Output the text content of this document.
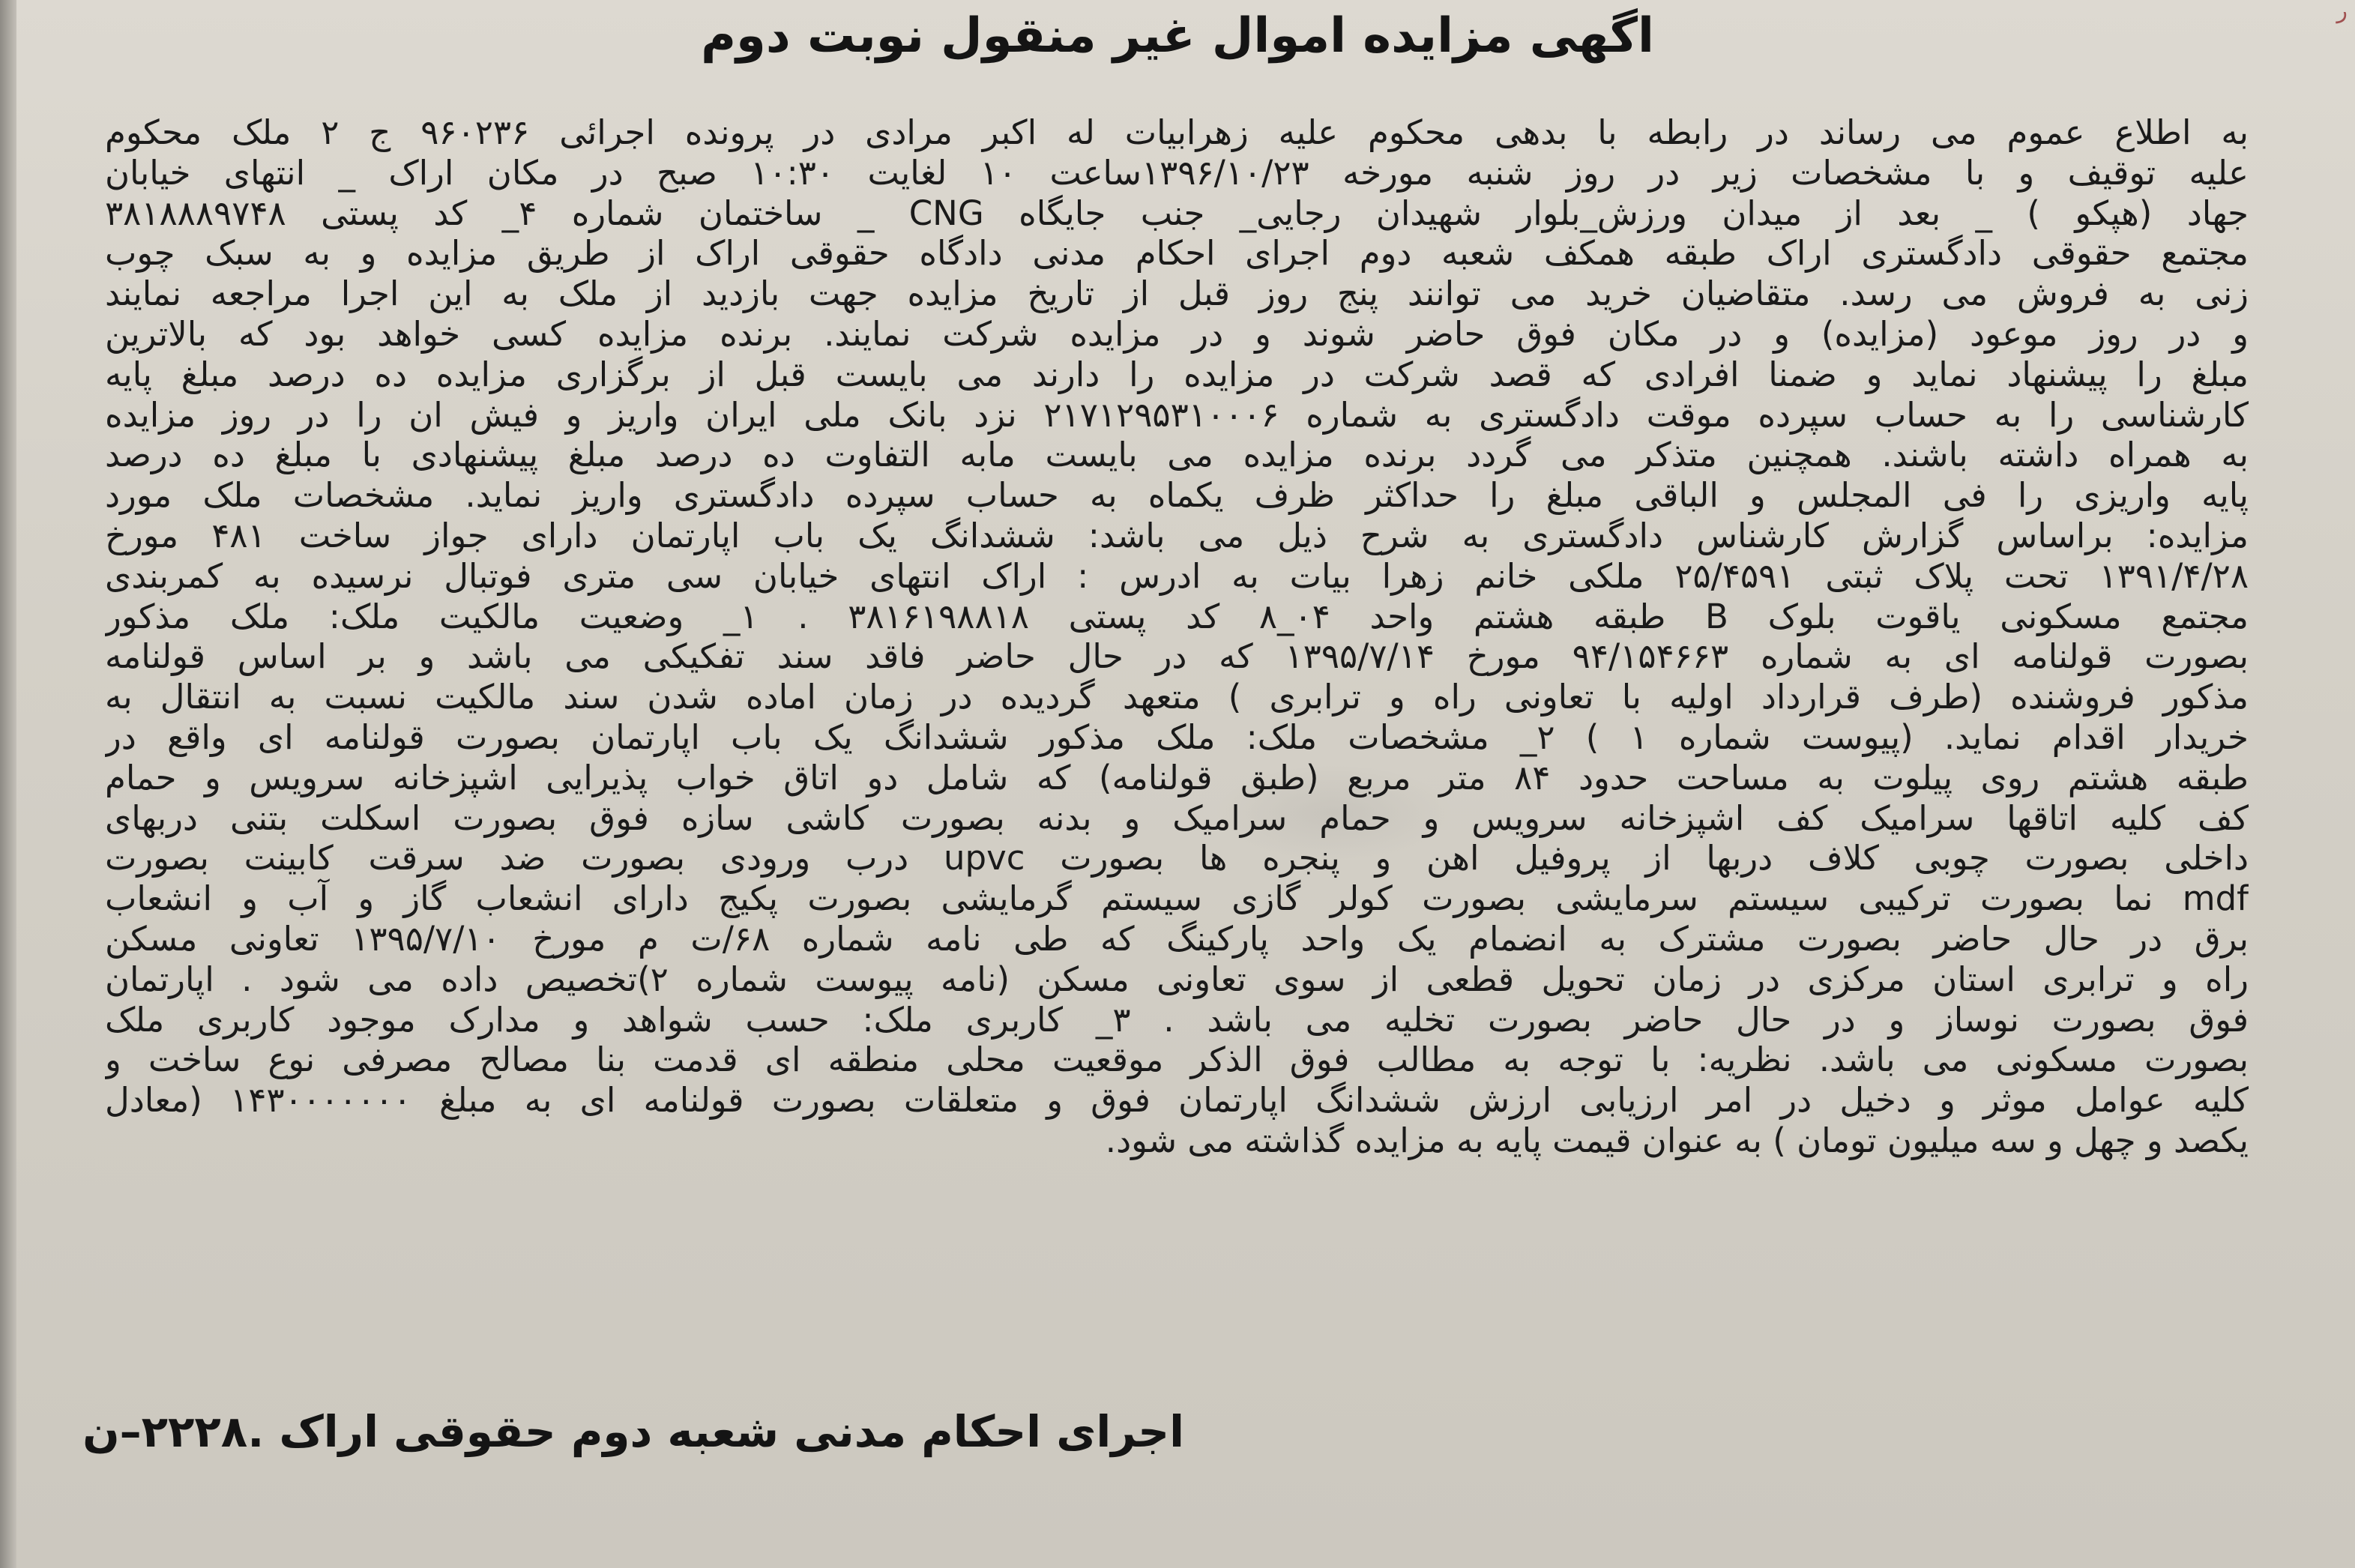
ر
اگهی مزایده اموال غیر منقول نوبت دوم
به اطلاع عموم می رساند در رابطه با بدهی محکوم علیه زهرابیات له اکبر مرادی در پرونده اجرائی ۹۶۰۲۳۶ ج ۲ ملک محکوم
علیه توقیف و با مشخصات زیر در روز شنبه مورخه ۱۳۹۶/۱۰/۲۳ساعت ۱۰ لغایت ۱۰:۳۰ صبح در مکان اراک _ انتهای خیابان
جهاد (هپکو ) _ بعد از میدان ورزش_بلوار شهیدان رجایی_ جنب جایگاه CNG _ ساختمان شماره ۴_ کد پستی ۳۸۱۸۸۸۹۷۴۸
مجتمع حقوقی دادگستری اراک طبقه همکف شعبه دوم اجرای احکام مدنی دادگاه حقوقی اراک از طریق مزایده و به سبک چوب
زنی به فروش می رسد. متقاضیان خرید می توانند پنج روز قبل از تاریخ مزایده جهت بازدید از ملک به این اجرا مراجعه نمایند
و در روز موعود (مزایده) و در مکان فوق حاضر شوند و در مزایده شرکت نمایند. برنده مزایده کسی خواهد بود که بالاترین
مبلغ را پیشنهاد نماید و ضمنا افرادی که قصد شرکت در مزایده را دارند می بایست قبل از برگزاری مزایده ده درصد مبلغ پایه
کارشناسی را به حساب سپرده موقت دادگستری به شماره ۲۱۷۱۲۹۵۳۱۰۰۰۶ نزد بانک ملی ایران واریز و فیش ان را در روز مزایده
به همراه داشته باشند. همچنین متذکر می گردد برنده مزایده می بایست مابه التفاوت ده درصد مبلغ پیشنهادی با مبلغ ده درصد
پایه واریزی را فی المجلس و الباقی مبلغ را حداکثر ظرف یکماه به حساب سپرده دادگستری واریز نماید. مشخصات ملک مورد
مزایده: براساس گزارش کارشناس دادگستری به شرح ذیل می باشد: ششدانگ یک باب اپارتمان دارای جواز ساخت ۴۸۱ مورخ
۱۳۹۱/۴/۲۸ تحت پلاک ثبتی ۲۵/۴۵۹۱ ملکی خانم زهرا بیات به ادرس : اراک انتهای خیابان سی متری فوتبال نرسیده به کمربندی
مجتمع مسکونی یاقوت بلوک B طبقه هشتم واحد ۰۴_۸ کد پستی ۳۸۱۶۱۹۸۸۱۸ . ۱_ وضعیت مالکیت ملک: ملک مذکور
بصورت قولنامه ای به شماره ۹۴/۱۵۴۶۶۳ مورخ ۱۳۹۵/۷/۱۴ که در حال حاضر فاقد سند تفکیکی می باشد و بر اساس قولنامه
مذکور فروشنده (طرف قرارداد اولیه با تعاونی راه و ترابری ) متعهد گردیده در زمان اماده شدن سند مالکیت نسبت به انتقال به
خریدار اقدام نماید. (پیوست شماره ۱ ) ۲_ مشخصات ملک: ملک مذکور ششدانگ یک باب اپارتمان بصورت قولنامه ای واقع در
طبقه هشتم روی پیلوت به مساحت حدود ۸۴ متر مربع (طبق قولنامه) که شامل دو اتاق خواب پذیرایی اشپزخانه سرویس و حمام
کف کلیه اتاقها سرامیک کف اشپزخانه سرویس و حمام سرامیک و بدنه بصورت کاشی سازه فوق بصورت اسکلت بتنی دربهای
داخلی بصورت چوبی کلاف دربها از پروفیل اهن و پنجره ها بصورت upvc درب ورودی بصورت ضد سرقت کابینت بصورت
mdf نما بصورت ترکیبی سیستم سرمایشی بصورت کولر گازی سیستم گرمایشی بصورت پکیج دارای انشعاب گاز و آب و انشعاب
برق در حال حاضر بصورت مشترک به انضمام یک واحد پارکینگ که طی نامه شماره ۶۸/ت م مورخ ۱۳۹۵/۷/۱۰ تعاونی مسکن
راه و ترابری استان مرکزی در زمان تحویل قطعی از سوی تعاونی مسکن (نامه پیوست شماره ۲)تخصیص داده می شود . اپارتمان
فوق بصورت نوساز و در حال حاضر بصورت تخلیه می باشد . ۳_ کاربری ملک: حسب شواهد و مدارک موجود کاربری ملک
بصورت مسکونی می باشد. نظریه: با توجه به مطالب فوق الذکر موقعیت محلی منطقه ای قدمت بنا مصالح مصرفی نوع ساخت و
کلیه عوامل موثر و دخیل در امر ارزیابی ارزش ششدانگ اپارتمان فوق و متعلقات بصورت قولنامه ای به مبلغ ۱۴۳۰۰۰۰۰۰۰ (معادل
یکصد و چهل و سه میلیون تومان ) به عنوان قیمت پایه به مزایده گذاشته می شود.

اجرای احکام مدنی شعبه دوم حقوقی اراک .۲۲۲۸–ن
